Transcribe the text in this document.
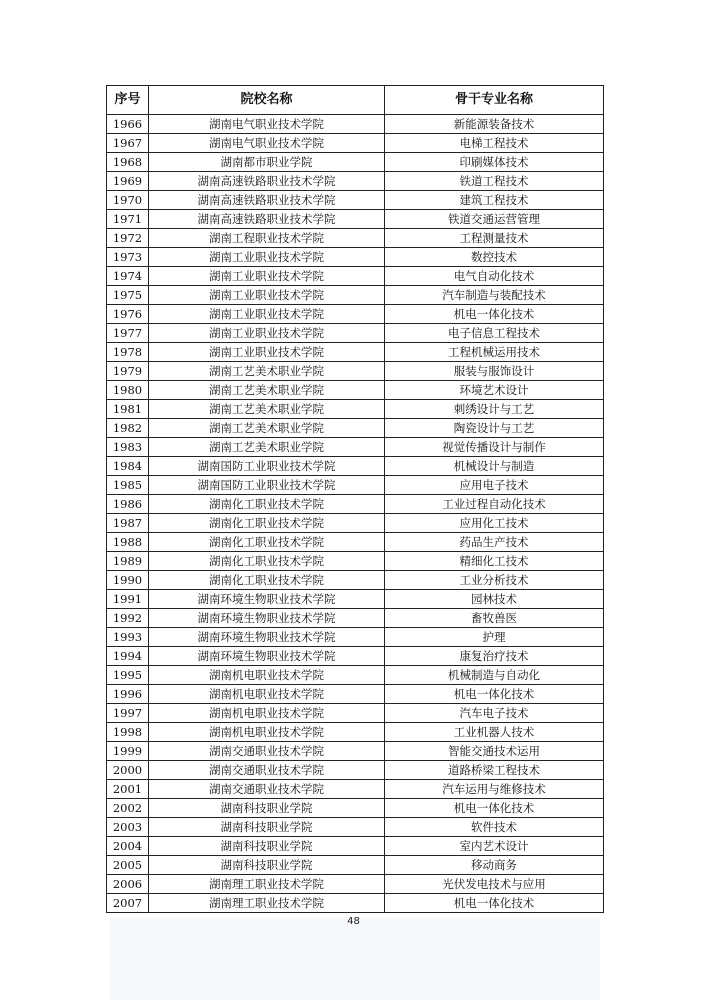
序号	院校名称	骨干专业名称
1966	湖南电气职业技术学院	新能源装备技术
1967	湖南电气职业技术学院	电梯工程技术
1968	湖南都市职业学院	印刷媒体技术
1969	湖南高速铁路职业技术学院	铁道工程技术
1970	湖南高速铁路职业技术学院	建筑工程技术
1971	湖南高速铁路职业技术学院	铁道交通运营管理
1972	湖南工程职业技术学院	工程测量技术
1973	湖南工业职业技术学院	数控技术
1974	湖南工业职业技术学院	电气自动化技术
1975	湖南工业职业技术学院	汽车制造与装配技术
1976	湖南工业职业技术学院	机电一体化技术
1977	湖南工业职业技术学院	电子信息工程技术
1978	湖南工业职业技术学院	工程机械运用技术
1979	湖南工艺美术职业学院	服装与服饰设计
1980	湖南工艺美术职业学院	环境艺术设计
1981	湖南工艺美术职业学院	刺绣设计与工艺
1982	湖南工艺美术职业学院	陶瓷设计与工艺
1983	湖南工艺美术职业学院	视觉传播设计与制作
1984	湖南国防工业职业技术学院	机械设计与制造
1985	湖南国防工业职业技术学院	应用电子技术
1986	湖南化工职业技术学院	工业过程自动化技术
1987	湖南化工职业技术学院	应用化工技术
1988	湖南化工职业技术学院	药品生产技术
1989	湖南化工职业技术学院	精细化工技术
1990	湖南化工职业技术学院	工业分析技术
1991	湖南环境生物职业技术学院	园林技术
1992	湖南环境生物职业技术学院	畜牧兽医
1993	湖南环境生物职业技术学院	护理
1994	湖南环境生物职业技术学院	康复治疗技术
1995	湖南机电职业技术学院	机械制造与自动化
1996	湖南机电职业技术学院	机电一体化技术
1997	湖南机电职业技术学院	汽车电子技术
1998	湖南机电职业技术学院	工业机器人技术
1999	湖南交通职业技术学院	智能交通技术运用
2000	湖南交通职业技术学院	道路桥梁工程技术
2001	湖南交通职业技术学院	汽车运用与维修技术
2002	湖南科技职业学院	机电一体化技术
2003	湖南科技职业学院	软件技术
2004	湖南科技职业学院	室内艺术设计
2005	湖南科技职业学院	移动商务
2006	湖南理工职业技术学院	光伏发电技术与应用
2007	湖南理工职业技术学院	机电一体化技术
48
